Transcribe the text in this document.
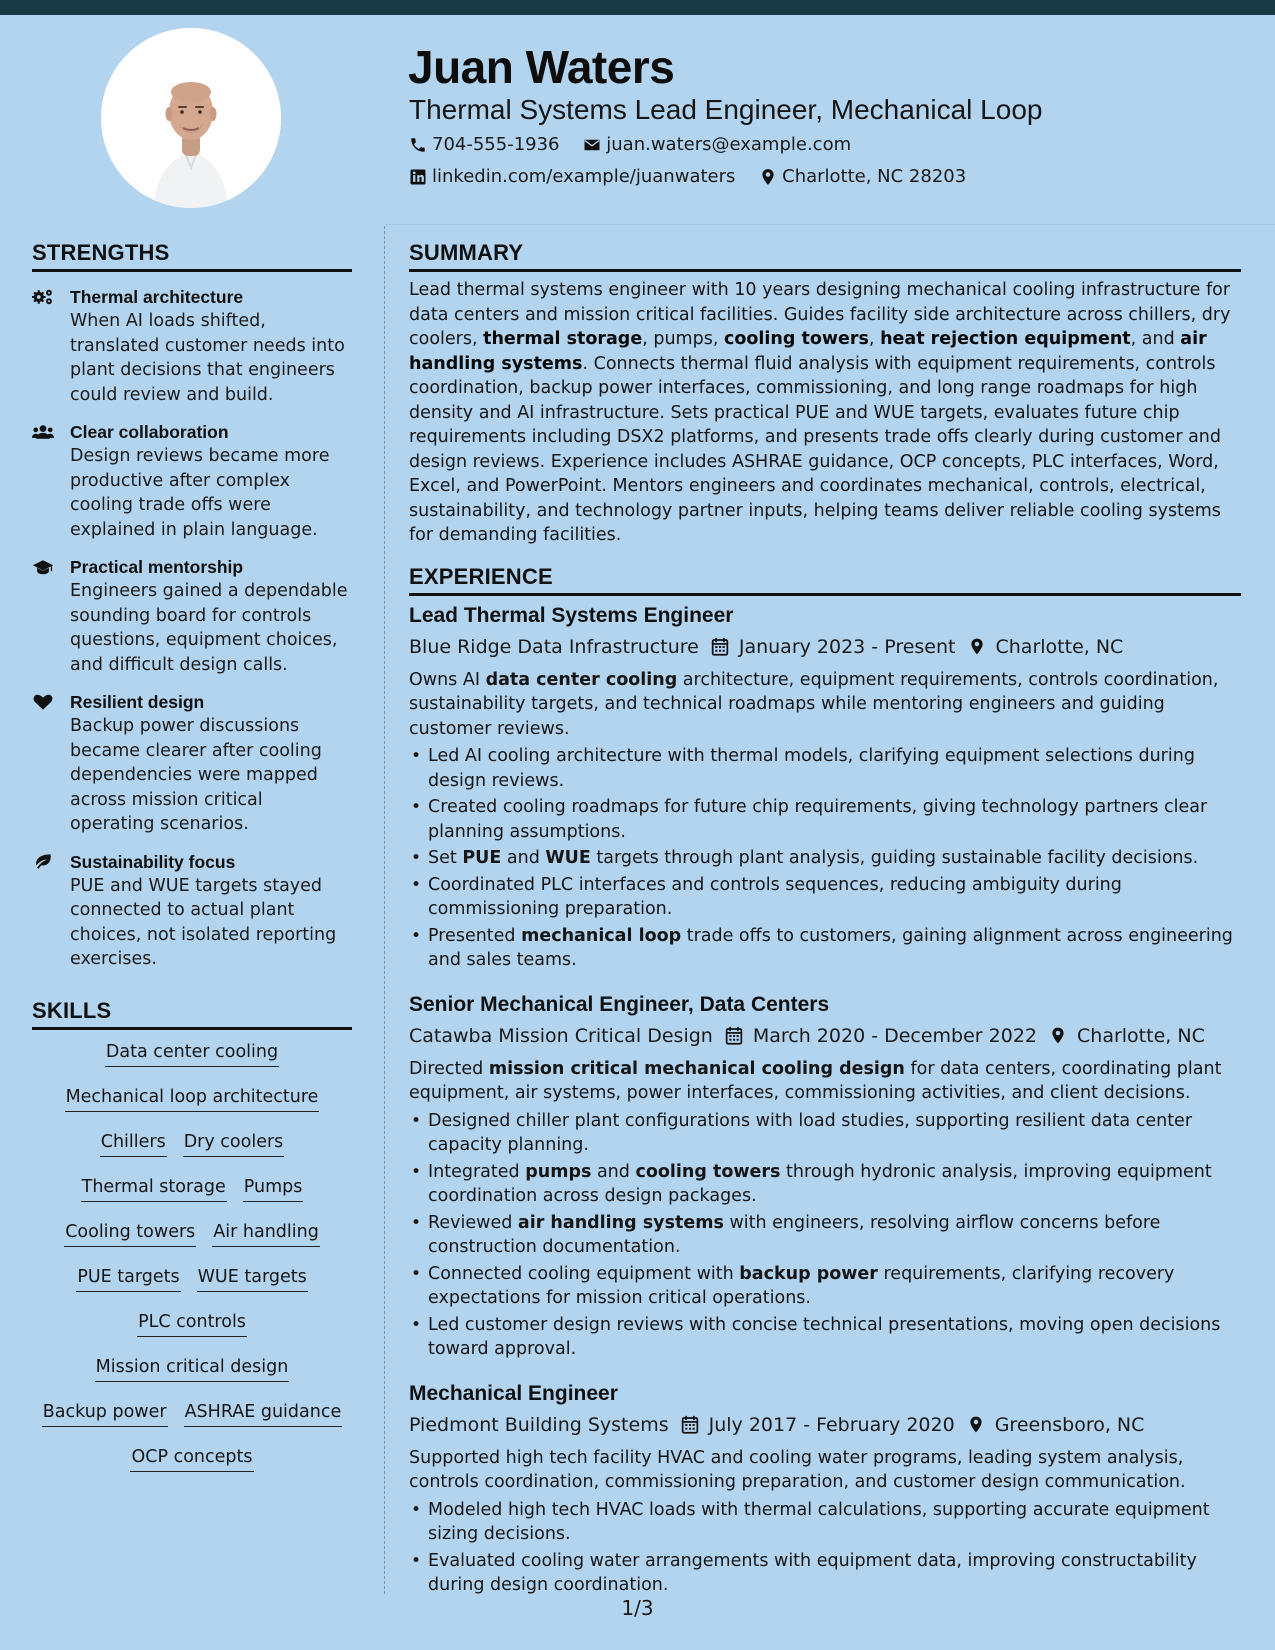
Juan Waters
Thermal Systems Lead Engineer, Mechanical Loop
704-555-1936
	juan.waters@example.com
linkedin.com/example/juanwaters
	Charlotte, NC 28203
STRENGTHS
Thermal architecture
When AI loads shifted, translated customer needs into plant decisions that engineers could review and build.
Clear collaboration
Design reviews became more productive after complex cooling trade offs were explained in plain language.
Practical mentorship
Engineers gained a dependable sounding board for controls questions, equipment choices, and difficult design calls.
Resilient design
Backup power discussions became clearer after cooling dependencies were mapped across mission critical operating scenarios.
Sustainability focus
PUE and WUE targets stayed connected to actual plant choices, not isolated reporting exercises.
SKILLS
Data center cooling
Mechanical loop architecture
Chillers Dry coolers
Thermal storage Pumps
Cooling towers Air handling
PUE targets WUE targets
PLC controls
Mission critical design
Backup power ASHRAE guidance
OCP concepts
SUMMARY

Lead thermal systems engineer with 10 years designing mechanical cooling infrastructure for data centers and mission critical facilities. Guides facility side architecture across chillers, dry coolers, thermal storage, pumps, cooling towers, heat rejection equipment, and air handling systems. Connects thermal fluid analysis with equipment requirements, controls coordination, backup power interfaces, commissioning, and long range roadmaps for high density and AI infrastructure. Sets practical PUE and WUE targets, evaluates future chip requirements including DSX2 platforms, and presents trade offs clearly during customer and design reviews. Experience includes ASHRAE guidance, OCP concepts, PLC interfaces, Word, Excel, and PowerPoint. Mentors engineers and coordinates mechanical, controls, electrical, sustainability, and technology partner inputs, helping teams deliver reliable cooling systems for demanding facilities.

EXPERIENCE
Lead Thermal Systems Engineer
Blue Ridge Data Infrastructure January 2023 - Present Charlotte, NC

Owns AI data center cooling architecture, equipment requirements, controls coordination, sustainability targets, and technical roadmaps while mentoring engineers and guiding customer reviews.

• Led AI cooling architecture with thermal models, clarifying equipment selections during design reviews.
• Created cooling roadmaps for future chip requirements, giving technology partners clear planning assumptions.
• Set PUE and WUE targets through plant analysis, guiding sustainable facility decisions.
• Coordinated PLC interfaces and controls sequences, reducing ambiguity during commissioning preparation.
• Presented mechanical loop trade offs to customers, gaining alignment across engineering and sales teams.
Senior Mechanical Engineer, Data Centers
Catawba Mission Critical Design March 2020 - December 2022 Charlotte, NC

Directed mission critical mechanical cooling design for data centers, coordinating plant equipment, air systems, power interfaces, commissioning activities, and client decisions.

• Designed chiller plant configurations with load studies, supporting resilient data center capacity planning.
• Integrated pumps and cooling towers through hydronic analysis, improving equipment coordination across design packages.
• Reviewed air handling systems with engineers, resolving airflow concerns before construction documentation.
• Connected cooling equipment with backup power requirements, clarifying recovery expectations for mission critical operations.
• Led customer design reviews with concise technical presentations, moving open decisions toward approval.
Mechanical Engineer
Piedmont Building Systems July 2017 - February 2020 Greensboro, NC

Supported high tech facility HVAC and cooling water programs, leading system analysis, controls coordination, commissioning preparation, and customer design communication.

• Modeled high tech HVAC loads with thermal calculations, supporting accurate equipment sizing decisions.
• Evaluated cooling water arrangements with equipment data, improving constructability during design coordination.
1/3
